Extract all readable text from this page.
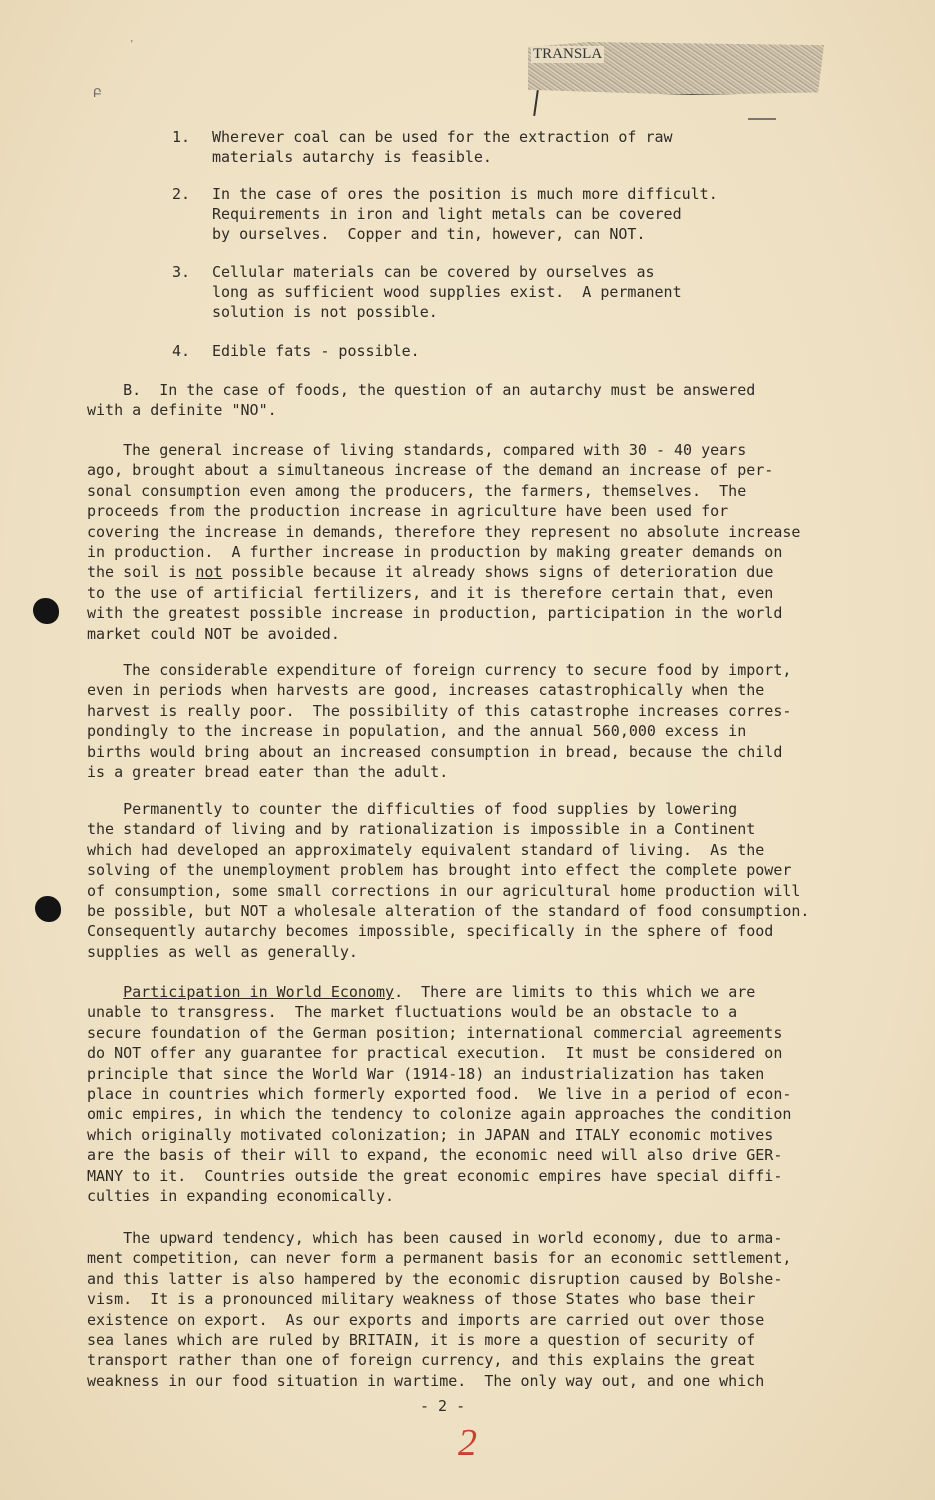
′
Բ
TRANSLA
1.	Wherever coal can be used for the extraction of raw
materials autarchy is feasible.
2.	In the case of ores the position is much more difficult.
Requirements in iron and light metals can be covered
by ourselves.  Copper and tin, however, can NOT.
3.	Cellular materials can be covered by ourselves as
long as sufficient wood supplies exist.  A permanent
solution is not possible.
4.	Edible fats - possible.

B.  In the case of foods, the question of an autarchy must be answered
with a definite "NO".

The general increase of living standards, compared with 30 - 40 years
ago, brought about a simultaneous increase of the demand an increase of per-
sonal consumption even among the producers, the farmers, themselves.  The
proceeds from the production increase in agriculture have been used for
covering the increase in demands, therefore they represent no absolute increase
in production.  A further increase in production by making greater demands on
the soil is not possible because it already shows signs of deterioration due
to the use of artificial fertilizers, and it is therefore certain that, even
with the greatest possible increase in production, participation in the world
market could NOT be avoided.

The considerable expenditure of foreign currency to secure food by import,
even in periods when harvests are good, increases catastrophically when the
harvest is really poor.  The possibility of this catastrophe increases corres-
pondingly to the increase in population, and the annual 560,000 excess in
births would bring about an increased consumption in bread, because the child
is a greater bread eater than the adult.

Permanently to counter the difficulties of food supplies by lowering
the standard of living and by rationalization is impossible in a Continent
which had developed an approximately equivalent standard of living.  As the
solving of the unemployment problem has brought into effect the complete power
of consumption, some small corrections in our agricultural home production will
be possible, but NOT a wholesale alteration of the standard of food consumption.
Consequently autarchy becomes impossible, specifically in the sphere of food
supplies as well as generally.

Participation in World Economy.  There are limits to this which we are
unable to transgress.  The market fluctuations would be an obstacle to a
secure foundation of the German position; international commercial agreements
do NOT offer any guarantee for practical execution.  It must be considered on
principle that since the World War (1914-18) an industrialization has taken
place in countries which formerly exported food.  We live in a period of econ-
omic empires, in which the tendency to colonize again approaches the condition
which originally motivated colonization; in JAPAN and ITALY economic motives
are the basis of their will to expand, the economic need will also drive GER-
MANY to it.  Countries outside the great economic empires have special diffi-
culties in expanding economically.

The upward tendency, which has been caused in world economy, due to arma-
ment competition, can never form a permanent basis for an economic settlement,
and this latter is also hampered by the economic disruption caused by Bolshe-
vism.  It is a pronounced military weakness of those States who base their
existence on export.  As our exports and imports are carried out over those
sea lanes which are ruled by BRITAIN, it is more a question of security of
transport rather than one of foreign currency, and this explains the great
weakness in our food situation in wartime.  The only way out, and one which

- 2 -
2
